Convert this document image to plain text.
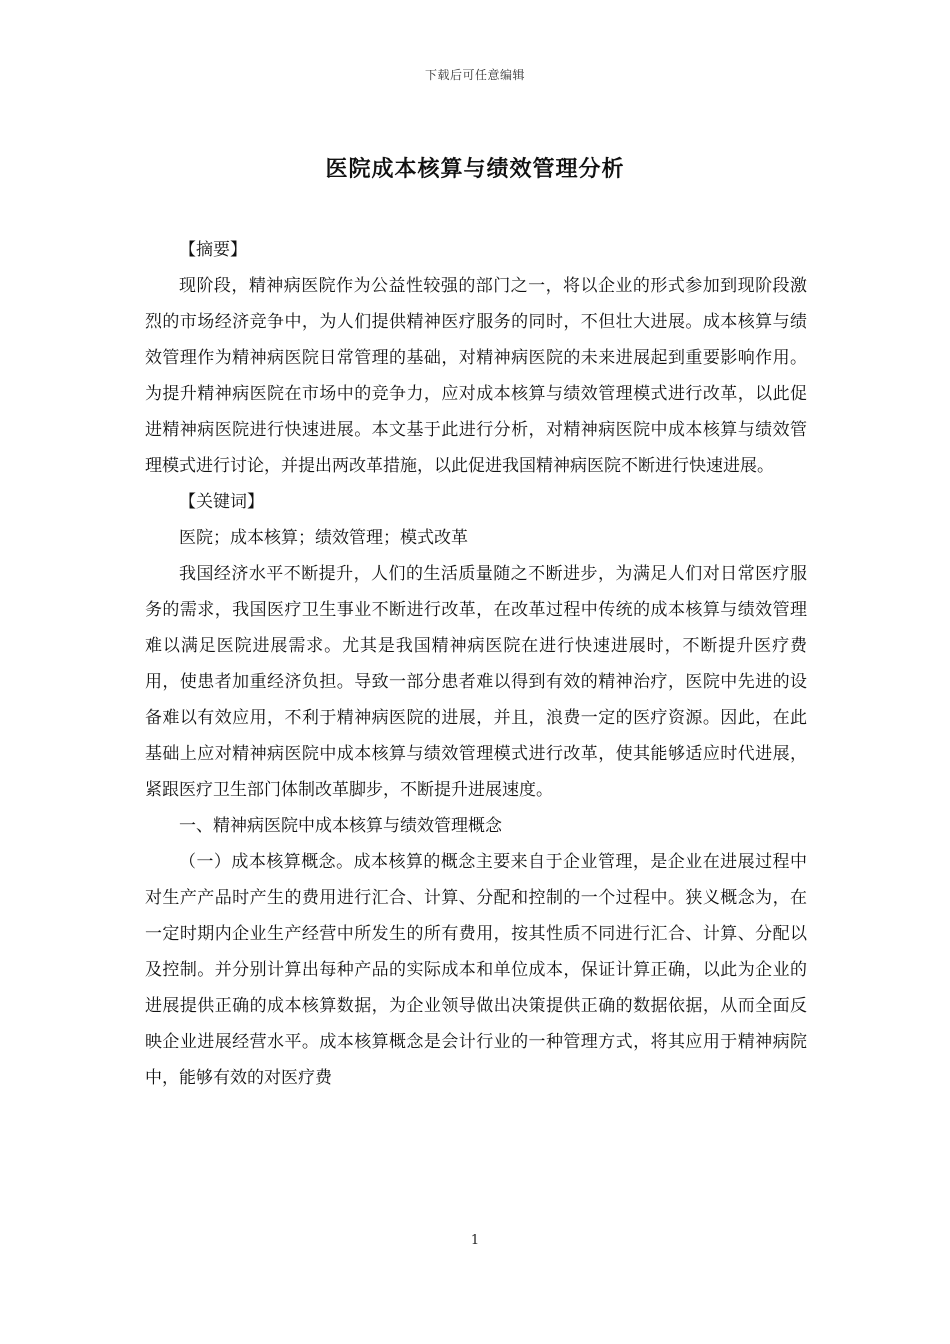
下载后可任意编辑
医院成本核算与绩效管理分析

【摘要】

现阶段，精神病医院作为公益性较强的部门之一，将以企业的形式参加到现阶段激烈的市场经济竞争中，为人们提供精神医疗服务的同时，不但壮大进展。成本核算与绩效管理作为精神病医院日常管理的基础，对精神病医院的未来进展起到重要影响作用。为提升精神病医院在市场中的竞争力，应对成本核算与绩效管理模式进行改革，以此促进精神病医院进行快速进展。本文基于此进行分析，对精神病医院中成本核算与绩效管理模式进行讨论，并提出两改革措施，以此促进我国精神病医院不断进行快速进展。

【关键词】

医院；成本核算；绩效管理；模式改革

我国经济水平不断提升，人们的生活质量随之不断进步，为满足人们对日常医疗服务的需求，我国医疗卫生事业不断进行改革，在改革过程中传统的成本核算与绩效管理难以满足医院进展需求。尤其是我国精神病医院在进行快速进展时，不断提升医疗费用，使患者加重经济负担。导致一部分患者难以得到有效的精神治疗，医院中先进的设备难以有效应用，不利于精神病医院的进展，并且，浪费一定的医疗资源。因此，在此基础上应对精神病医院中成本核算与绩效管理模式进行改革，使其能够适应时代进展，紧跟医疗卫生部门体制改革脚步，不断提升进展速度。

一、精神病医院中成本核算与绩效管理概念

（一）成本核算概念。成本核算的概念主要来自于企业管理，是企业在进展过程中对生产产品时产生的费用进行汇合、计算、分配和控制的一个过程中。狭义概念为，在一定时期内企业生产经营中所发生的所有费用，按其性质不同进行汇合、计算、分配以及控制。并分别计算出每种产品的实际成本和单位成本，保证计算正确，以此为企业的进展提供正确的成本核算数据，为企业领导做出决策提供正确的数据依据，从而全面反映企业进展经营水平。成本核算概念是会计行业的一种管理方式，将其应用于精神病院中，能够有效的对医疗费

1
